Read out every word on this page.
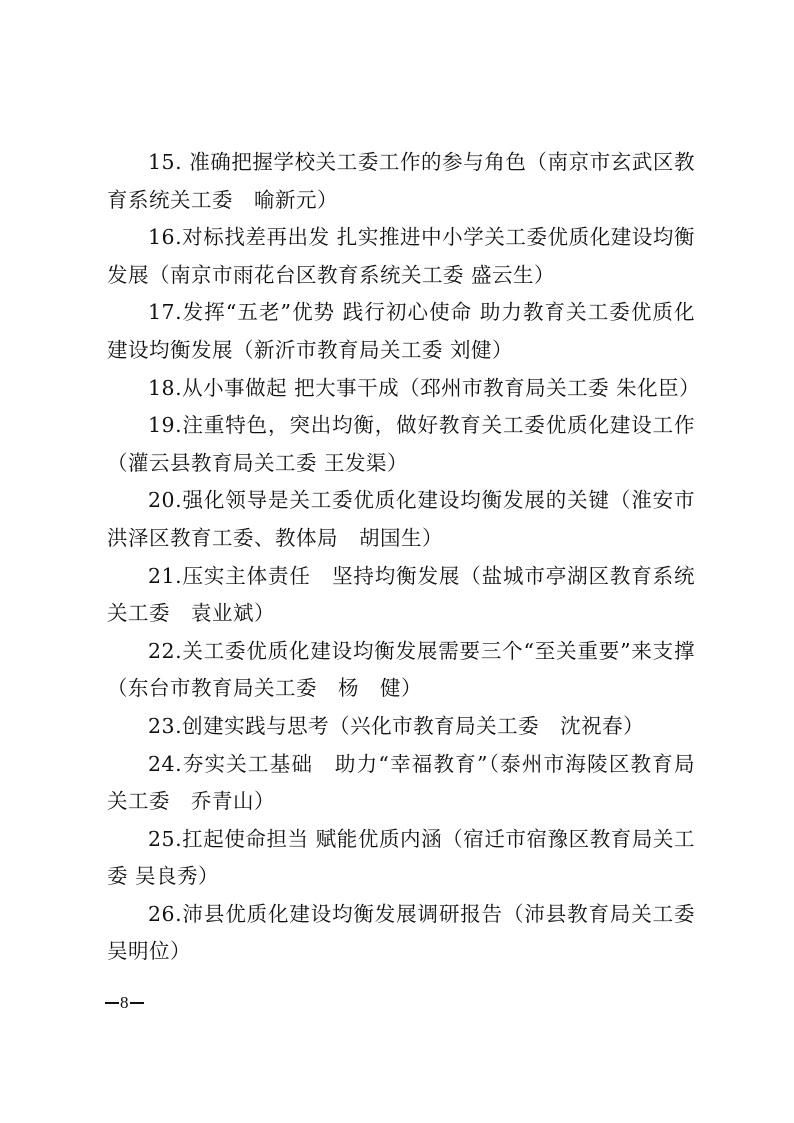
15. 准确把握学校关工委工作的参与角色（南京市玄武区教育系统关工委　喻新元）

16.对标找差再出发 扎实推进中小学关工委优质化建设均衡发展（南京市雨花台区教育系统关工委 盛云生）

17.发挥“五老”优势 践行初心使命 助力教育关工委优质化建设均衡发展（新沂市教育局关工委 刘健）

18.从小事做起 把大事干成（邳州市教育局关工委 朱化臣）

19.注重特色，突出均衡，做好教育关工委优质化建设工作（灌云县教育局关工委 王发渠）

20.强化领导是关工委优质化建设均衡发展的关键（淮安市洪泽区教育工委、教体局　胡国生）

21.压实主体责任　坚持均衡发展（盐城市亭湖区教育系统关工委　袁业斌）

22.关工委优质化建设均衡发展需要三个“至关重要”来支撑（东台市教育局关工委　杨　健）

23.创建实践与思考（兴化市教育局关工委　沈祝春）

24.夯实关工基础　助力“幸福教育”（泰州市海陵区教育局关工委　乔青山）

25.扛起使命担当 赋能优质内涵（宿迁市宿豫区教育局关工委 吴良秀）

26.沛县优质化建设均衡发展调研报告（沛县教育局关工委吴明位）

8
